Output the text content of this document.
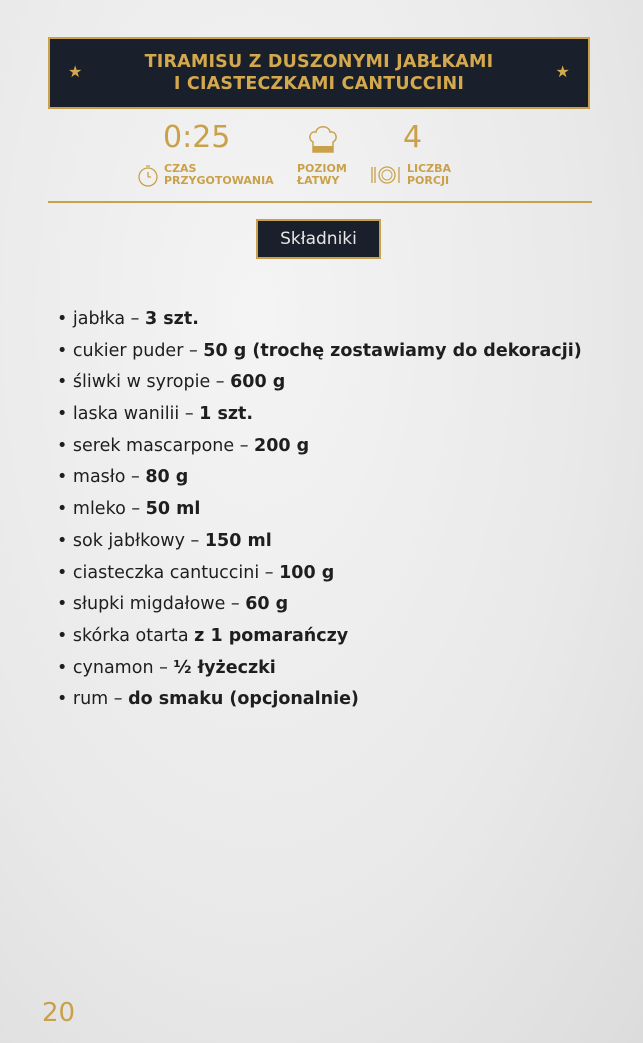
★	★
TIRAMISU Z DUSZONYMI JABŁKAMI
I CIASTECZKAMI CANTUCCINI
0:25
CZAS
PRZYGOTOWANIA
POZIOM
ŁATWY
4
LICZBA
PORCJI
Składniki
• jabłka – 3 szt.
• cukier puder – 50 g (trochę zostawiamy do dekoracji)
• śliwki w syropie – 600 g
• laska wanilii – 1 szt.
• serek mascarpone – 200 g
• masło – 80 g
• mleko – 50 ml
• sok jabłkowy – 150 ml
• ciasteczka cantuccini – 100 g
• słupki migdałowe – 60 g
• skórka otarta z 1 pomarańczy
• cynamon – ½ łyżeczki
• rum – do smaku (opcjonalnie)
20
